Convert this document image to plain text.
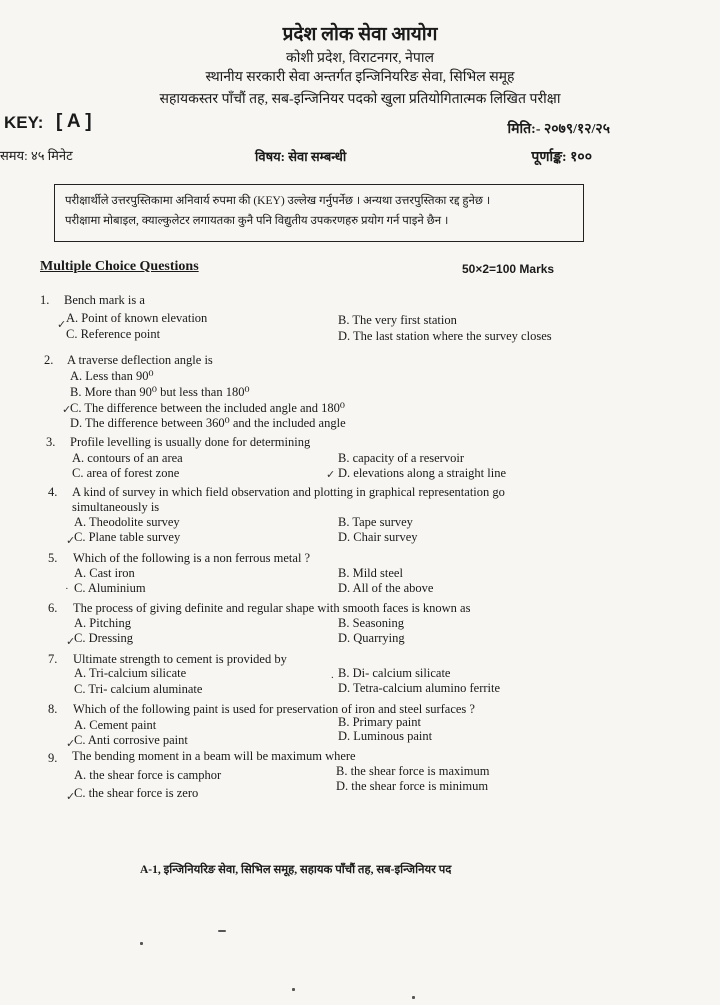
प्रदेश लोक सेवा आयोग
कोशी प्रदेश, विराटनगर, नेपाल
स्थानीय सरकारी सेवा अन्तर्गत इन्जिनियरिङ सेवा, सिभिल समूह
सहायकस्तर पाँचौं तह, सब-इन्जिनियर पदको खुला प्रतियोगितात्मक लिखित परीक्षा
KEY: [ A ]	मिति:- २०७९/१२/२५
समय: ४५ मिनेट	विषय: सेवा सम्बन्धी	पूर्णाङ्क: १००
परीक्षार्थीले उत्तरपुस्तिकामा अनिवार्य रुपमा की (KEY) उल्लेख गर्नुपर्नेछ । अन्यथा उत्तरपुस्तिका रद्द हुनेछ ।
परीक्षामा मोबाइल, क्याल्कुलेटर लगायतका कुनै पनि विद्युतीय उपकरणहरु प्रयोग गर्न पाइने छैन ।
Multiple Choice Questions	50×2=100 Marks
1. Bench mark is a
A. Point of known elevation	B. The very first station
C. Reference point	D. The last station where the survey closes
✓
2. A traverse deflection angle is
A. Less than 90⁰
B. More than 90⁰ but less than 180⁰
C. The difference between the included angle and 180⁰
D. The difference between 360⁰ and the included angle
✓
3. Profile levelling is usually done for determining
A. contours of an area	B. capacity of a reservoir
C. area of forest zone	D. elevations along a straight line
✓
4. A kind of survey in which field observation and plotting in graphical representation go
simultaneously is
A. Theodolite survey	B. Tape survey
C. Plane table survey	D. Chair survey
✓
5. Which of the following is a non ferrous metal ?
A. Cast iron	B. Mild steel
C. Aluminium	D. All of the above
·
6. The process of giving definite and regular shape with smooth faces is known as
A. Pitching	B. Seasoning
C. Dressing	D. Quarrying
✓
7. Ultimate strength to cement is provided by
A. Tri-calcium silicate	B. Di- calcium silicate
C. Tri- calcium aluminate	D. Tetra-calcium alumino ferrite
.
8. Which of the following paint is used for preservation of iron and steel surfaces ?
A. Cement paint	B. Primary paint
C. Anti corrosive paint	D. Luminous paint
✓
9. The bending moment in a beam will be maximum where
A. the shear force is camphor	B. the shear force is maximum
C. the shear force is zero	D. the shear force is minimum
✓
A-1, इन्जिनियरिङ सेवा, सिभिल समूह, सहायक पाँचौं तह, सब-इन्जिनियर पद
